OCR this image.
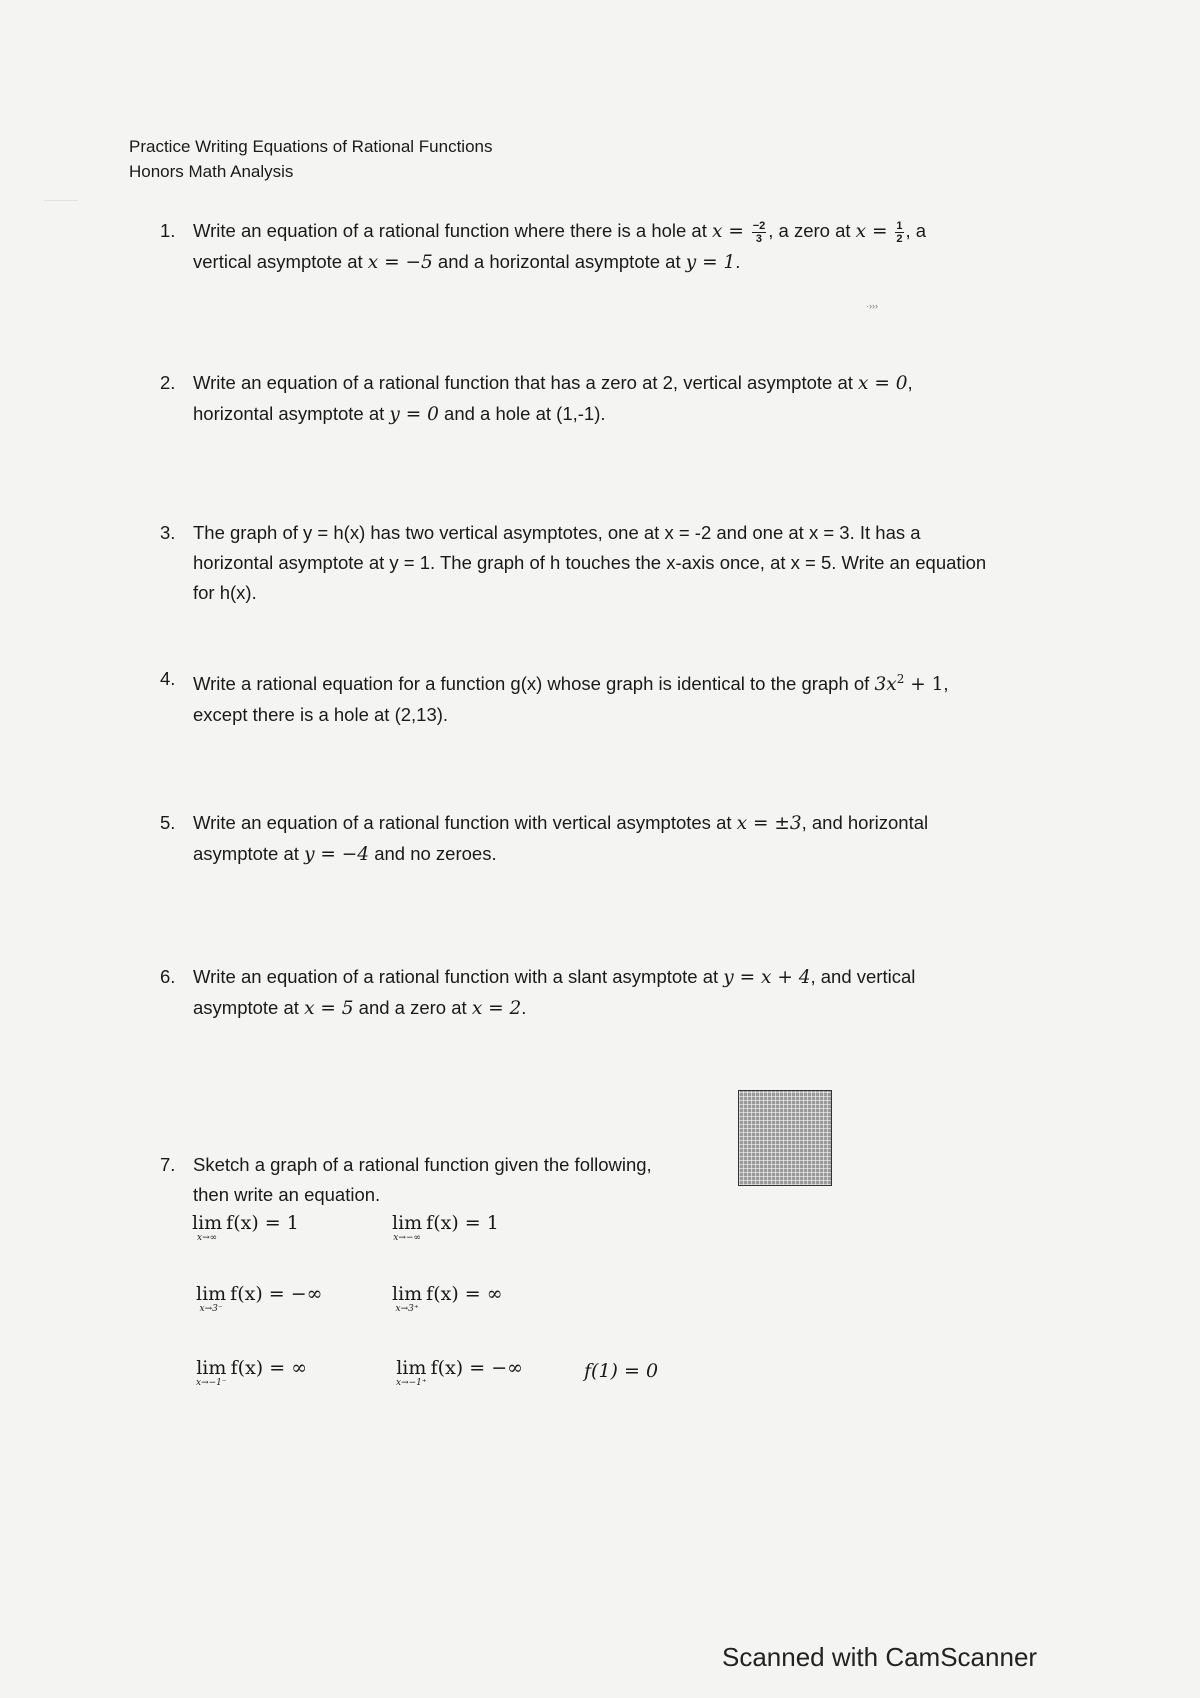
Practice Writing Equations of Rational Functions
Honors Math Analysis
1. Write an equation of a rational function where there is a hole at $x = \frac{-2}{3}$ , a zero at $x = \frac{1}{2}$ , a
vertical asymptote at x = −5 and a horizontal asymptote at y = 1.
·›››
2. Write an equation of a rational function that has a zero at 2, vertical asymptote at x = 0,
horizontal asymptote at y = 0 and a hole at (1,-1).
3. The graph of y = h(x) has two vertical asymptotes, one at x = -2 and one at x = 3. It has a
horizontal asymptote at y = 1. The graph of h touches the x-axis once, at x = 5. Write an equation
for h(x).
4. Write a rational equation for a function g(x) whose graph is identical to the graph of $3x^2 + 1$,
except there is a hole at (2,13).
5. Write an equation of a rational function with vertical asymptotes at x = ±3, and horizontal
asymptote at y = −4 and no zeroes.
6. Write an equation of a rational function with a slant asymptote at y = x + 4, and vertical
asymptote at x = 5 and a zero at x = 2.
7. Sketch a graph of a rational function given the following,
then write an equation.
lim
x→∞
f(x) = 1	lim
x→−∞
f(x) = 1
lim
x→3⁻
f(x) = −∞	lim
x→3⁺
f(x) = ∞
lim
x→−1⁻
f(x) = ∞	lim
x→−1⁺
f(x) = −∞	f(1) = 0
Scanned with CamScanner
